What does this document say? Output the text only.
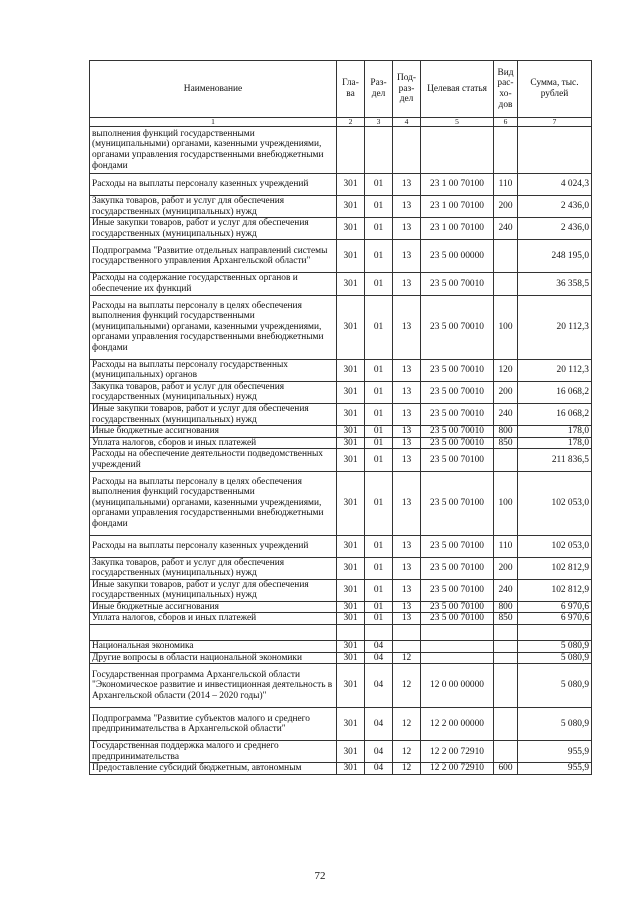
Наименование	Гла-ва	Раз-дел	Под-раз-дел	Целевая статья	Вид рас-хо-дов	Сумма, тыс. рублей
1	2	3	4	5	6	7
выполнения функций государственными (муниципальными) органами, казенными учреждениями, органами управления государственными внебюджетными фондами						
Расходы на выплаты персоналу казенных учреждений	301	01	13	23 1 00 70100	110	4 024,3
Закупка товаров, работ и услуг для обеспечения государственных (муниципальных) нужд	301	01	13	23 1 00 70100	200	2 436,0
Иные закупки товаров, работ и услуг для обеспечения государственных (муниципальных) нужд	301	01	13	23 1 00 70100	240	2 436,0
Подпрограмма "Развитие отдельных направлений системы государственного управления Архангельской области"	301	01	13	23 5 00 00000		248 195,0
Расходы на содержание государственных органов и обеспечение их функций	301	01	13	23 5 00 70010		36 358,5
Расходы на выплаты персоналу в целях обеспечения выполнения функций государственными (муниципальными) органами, казенными учреждениями, органами управления государственными внебюджетными фондами	301	01	13	23 5 00 70010	100	20 112,3
Расходы на выплаты персоналу государственных (муниципальных) органов	301	01	13	23 5 00 70010	120	20 112,3
Закупка товаров, работ и услуг для обеспечения государственных (муниципальных) нужд	301	01	13	23 5 00 70010	200	16 068,2
Иные закупки товаров, работ и услуг для обеспечения государственных (муниципальных) нужд	301	01	13	23 5 00 70010	240	16 068,2
Иные бюджетные ассигнования	301	01	13	23 5 00 70010	800	178,0
Уплата налогов, сборов и иных платежей	301	01	13	23 5 00 70010	850	178,0
Расходы на обеспечение деятельности подведомственных учреждений	301	01	13	23 5 00 70100		211 836,5
Расходы на выплаты персоналу в целях обеспечения выполнения функций государственными (муниципальными) органами, казенными учреждениями, органами управления государственными внебюджетными фондами	301	01	13	23 5 00 70100	100	102 053,0
Расходы на выплаты персоналу казенных учреждений	301	01	13	23 5 00 70100	110	102 053,0
Закупка товаров, работ и услуг для обеспечения государственных (муниципальных) нужд	301	01	13	23 5 00 70100	200	102 812,9
Иные закупки товаров, работ и услуг для обеспечения государственных (муниципальных) нужд	301	01	13	23 5 00 70100	240	102 812,9
Иные бюджетные ассигнования	301	01	13	23 5 00 70100	800	6 970,6
Уплата налогов, сборов и иных платежей	301	01	13	23 5 00 70100	850	6 970,6

Национальная экономика	301	04				5 080,9
Другие вопросы в области национальной экономики	301	04	12			5 080,9
Государственная программа Архангельской области "Экономическое развитие и инвестиционная деятельность в Архангельской области (2014 – 2020 годы)"	301	04	12	12 0 00 00000		5 080,9
Подпрограмма "Развитие субъектов малого и среднего предпринимательства в Архангельской области"	301	04	12	12 2 00 00000		5 080,9
Государственная поддержка малого и среднего предпринимательства	301	04	12	12 2 00 72910		955,9
Предоставление субсидий бюджетным, автономным	301	04	12	12 2 00 72910	600	955,9
72
